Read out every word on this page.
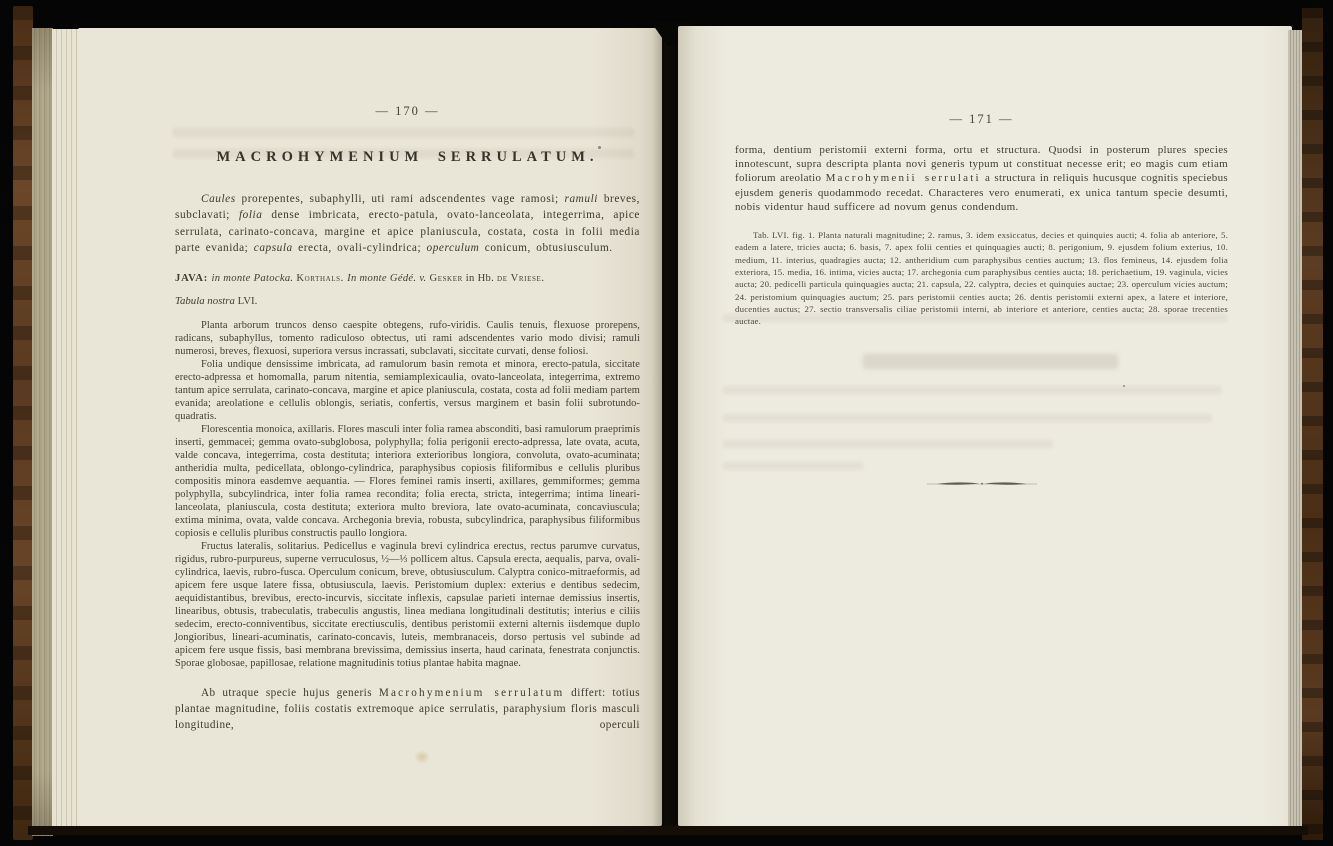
— 170 —
MACROHYMENIUM SERRULATUM.

Caules prorepentes, subaphylli, uti rami adscendentes vage ramosi; ramuli breves, subclavati; folia dense imbricata, erecto-patula, ovato-lanceolata, integerrima, apice serrulata, carinato-concava, margine et apice planiuscula, costata, costa in folii media parte evanida; capsula erecta, ovali-cylindrica; operculum conicum, obtusiusculum.

JAVA: in monte Patocka. Korthals. In monte Gédé. v. Gesker in Hb. de Vriese.

Tabula nostra LVI.

Planta arborum truncos denso caespite obtegens, rufo-viridis. Caulis tenuis, flexuose prorepens, radicans, subaphyllus, tomento radiculoso obtectus, uti rami adscendentes vario modo divisi; ramuli numerosi, breves, flexuosi, superiora versus incrassati, subclavati, siccitate curvati, dense foliosi.

Folia undique densissime imbricata, ad ramulorum basin remota et minora, erecto-patula, siccitate erecto-adpressa et homomalla, parum nitentia, semiamplexicaulia, ovato-lanceolata, integerrima, extremo tantum apice serrulata, carinato-concava, margine et apice planiuscula, costata, costa ad folii mediam partem evanida; areolatione e cellulis oblongis, seriatis, confertis, versus marginem et basin folii subrotundo-quadratis.

Florescentia monoica, axillaris. Flores masculi inter folia ramea absconditi, basi ramulorum praeprimis inserti, gemmacei; gemma ovato-subglobosa, polyphylla; folia perigonii erecto-adpressa, late ovata, acuta, valde concava, integerrima, costa destituta; interiora exterioribus longiora, convoluta, ovato-acuminata; antheridia multa, pedicellata, oblongo-cylindrica, paraphysibus copiosis filiformibus e cellulis pluribus compositis minora easdemve aequantia. — Flores feminei ramis inserti, axillares, gemmiformes; gemma polyphylla, subcylindrica, inter folia ramea recondita; folia erecta, stricta, integerrima; intima lineari-lanceolata, planiuscula, costa destituta; exteriora multo breviora, late ovato-acuminata, concaviuscula; extima minima, ovata, valde concava. Archegonia brevia, robusta, subcylindrica, paraphysibus filiformibus copiosis e cellulis pluribus constructis paullo longiora.

Fructus lateralis, solitarius. Pedicellus e vaginula brevi cylindrica erectus, rectus parumve curvatus, rigidus, rubro-purpureus, superne verruculosus, ½—⅓ pollicem altus. Capsula erecta, aequalis, parva, ovali-cylindrica, laevis, rubro-fusca. Operculum conicum, breve, obtusiusculum. Calyptra conico-mitraeformis, ad apicem fere usque latere fissa, obtusiuscula, laevis. Peristomium duplex: exterius e dentibus sedecim, aequidistantibus, brevibus, erecto-incurvis, siccitate inflexis, capsulae parieti internae demissius insertis, linearibus, obtusis, trabeculatis, trabeculis angustis, linea mediana longitudinali destitutis; interius e ciliis sedecim, erecto-conniventibus, siccitate erectiusculis, dentibus peristomii externi alternis iisdemque duplo longioribus, lineari-acuminatis, carinato-concavis, luteis, membranaceis, dorso pertusis vel subinde ad apicem fere usque fissis, basi membrana brevissima, demissius inserta, haud carinata, fenestrata conjunctis. Sporae globosae, papillosae, relatione magnitudinis totius plantae habita magnae.

Ab utraque specie hujus generis Macrohymenium serrulatum differt: totius plantae magnitudine, foliis costatis extremoque apice serrulatis, paraphysium floris masculi longitudine, operculi

— 171 —

forma, dentium peristomii externi forma, ortu et structura. Quodsi in posterum plures species innotescunt, supra descripta planta novi generis typum ut constituat necesse erit; eo magis cum etiam foliorum areolatio Macrohymenii serrulati a structura in reliquis hucusque cognitis speciebus ejusdem generis quodammodo recedat. Characteres vero enumerati, ex unica tantum specie desumti, nobis videntur haud sufficere ad novum genus condendum.

Tab. LVI. fig. 1. Planta naturali magnitudine; 2. ramus, 3. idem exsiccatus, decies et quinquies aucti; 4. folia ab anteriore, 5. eadem a latere, tricies aucta; 6. basis, 7. apex folii centies et quinquagies aucti; 8. perigonium, 9. ejusdem folium exterius, 10. medium, 11. interius, quadragies aucta; 12. antheridium cum paraphysibus centies auctum; 13. flos femineus, 14. ejusdem folia exteriora, 15. media, 16. intima, vicies aucta; 17. archegonia cum paraphysibus centies aucta; 18. perichaetium, 19. vaginula, vicies aucta; 20. pedicelli particula quinquagies aucta; 21. capsula, 22. calyptra, decies et quinquies auctae; 23. operculum vicies auctum; 24. peristomium quinquagies auctum; 25. pars peristomii centies aucta; 26. dentis peristomii externi apex, a latere et interiore, ducenties auctus; 27. sectio transversalis ciliae peristomii interni, ab interiore et anteriore, centies aucta; 28. sporae trecenties auctae.
